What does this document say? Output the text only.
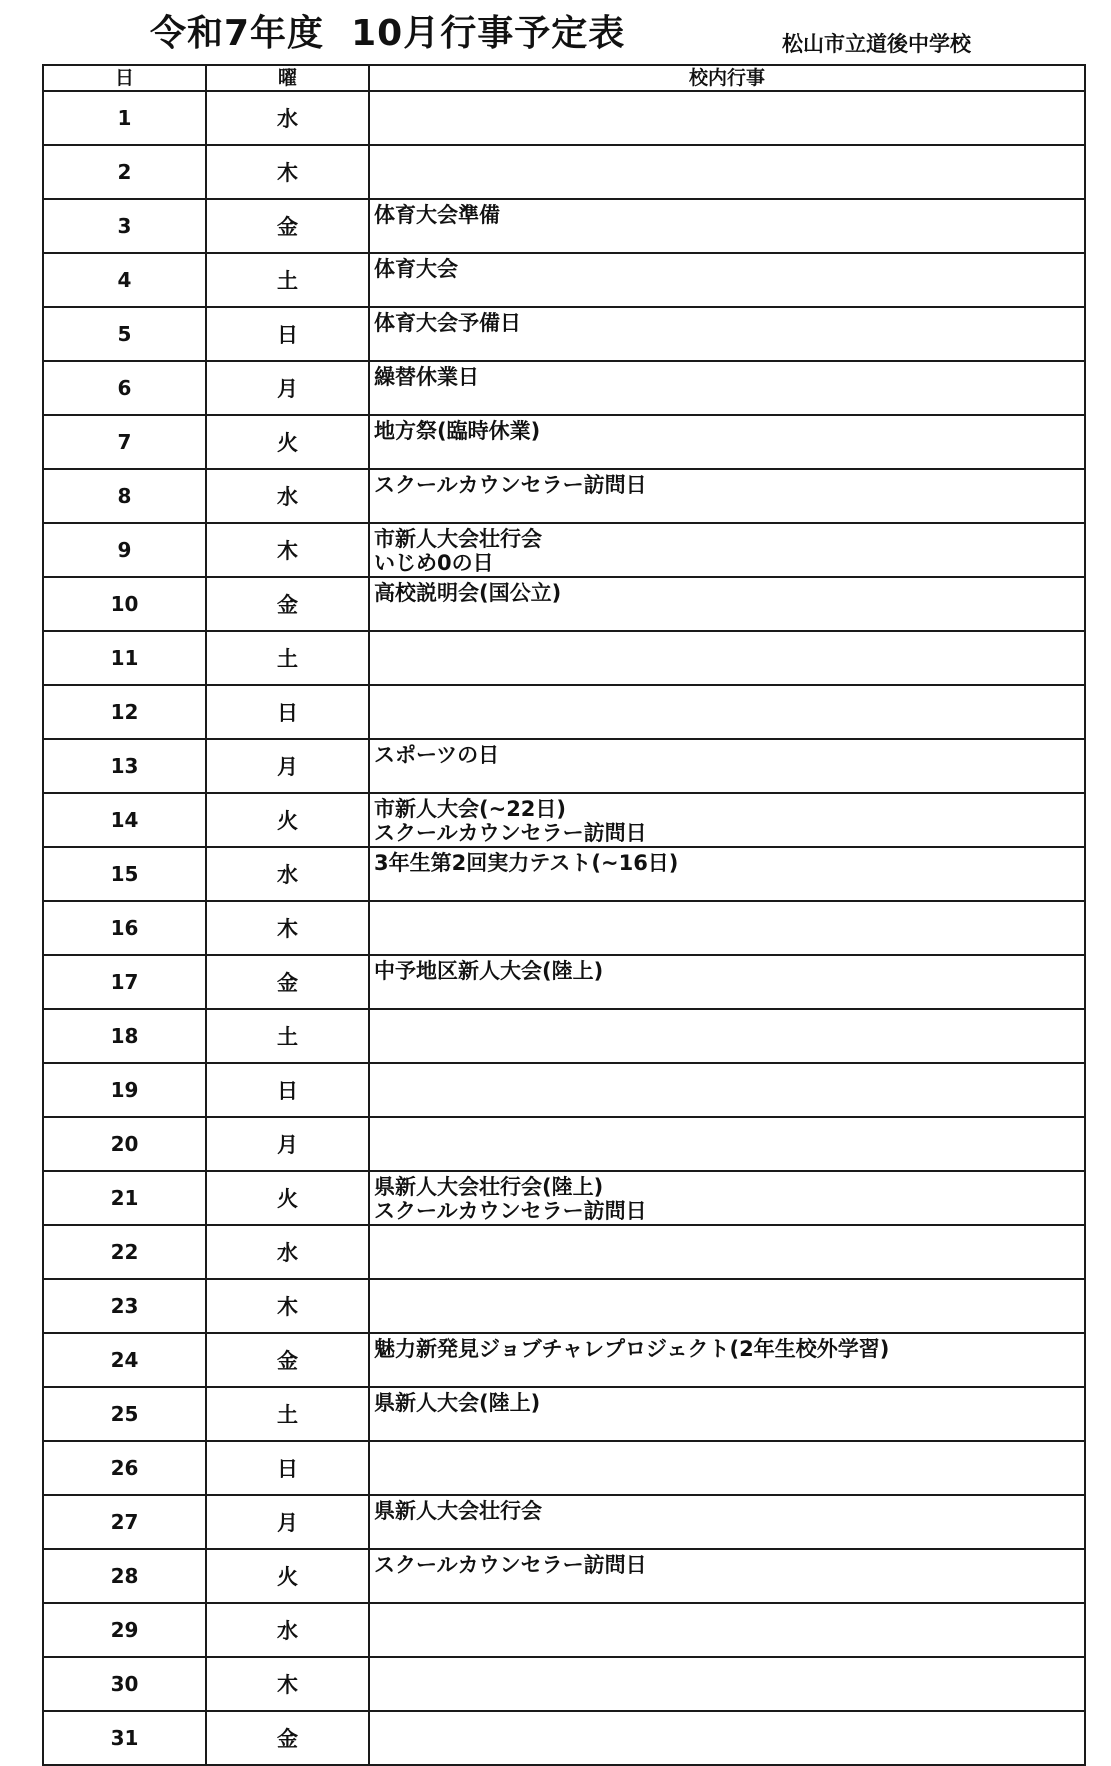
令和7年度  10月行事予定表	松山市立道後中学校
日	曜	校内行事
1	水	
2	木	
3	金	体育大会準備

4	土	体育大会

5	日	体育大会予備日

6	月	繰替休業日

7	火	地方祭(臨時休業)

8	水	スクールカウンセラー訪問日

9	木	市新人大会壮行会
いじめ0の日

10	金	高校説明会(国公立)

11	土	
12	日	
13	月	スポーツの日

14	火	市新人大会(~22日)
スクールカウンセラー訪問日

15	水	3年生第2回実力テスト(~16日)

16	木	
17	金	中予地区新人大会(陸上)

18	土	
19	日	
20	月	
21	火	県新人大会壮行会(陸上)
スクールカウンセラー訪問日

22	水	
23	木	
24	金	魅力新発見ジョブチャレプロジェクト(2年生校外学習)

25	土	県新人大会(陸上)

26	日	
27	月	県新人大会壮行会

28	火	スクールカウンセラー訪問日

29	水	
30	木	
31	金	
